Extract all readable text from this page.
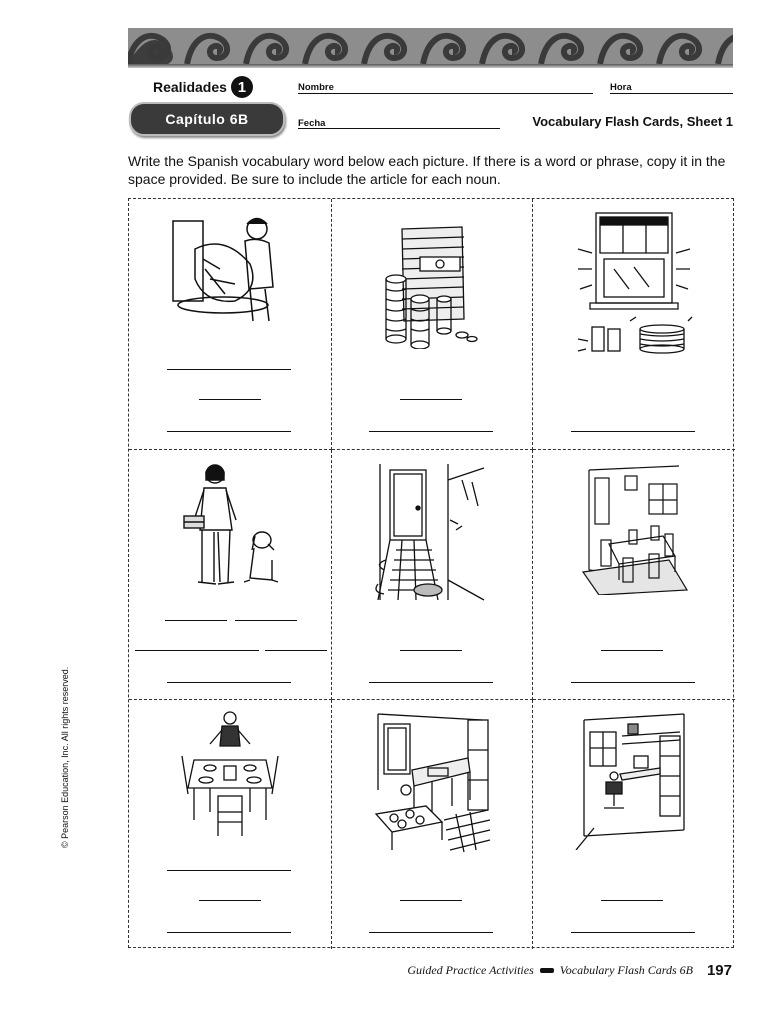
Realidades 1
Capítulo 6B
Nombre	Hora
Fecha	Vocabulary Flash Cards, Sheet 1
Write the Spanish vocabulary word below each picture. If there is a word or phrase, copy it in the space provided. Be sure to include the article for each noun.
© Pearson Education, Inc. All rights reserved.
Guided Practice Activities Vocabulary Flash Cards 6B 197
